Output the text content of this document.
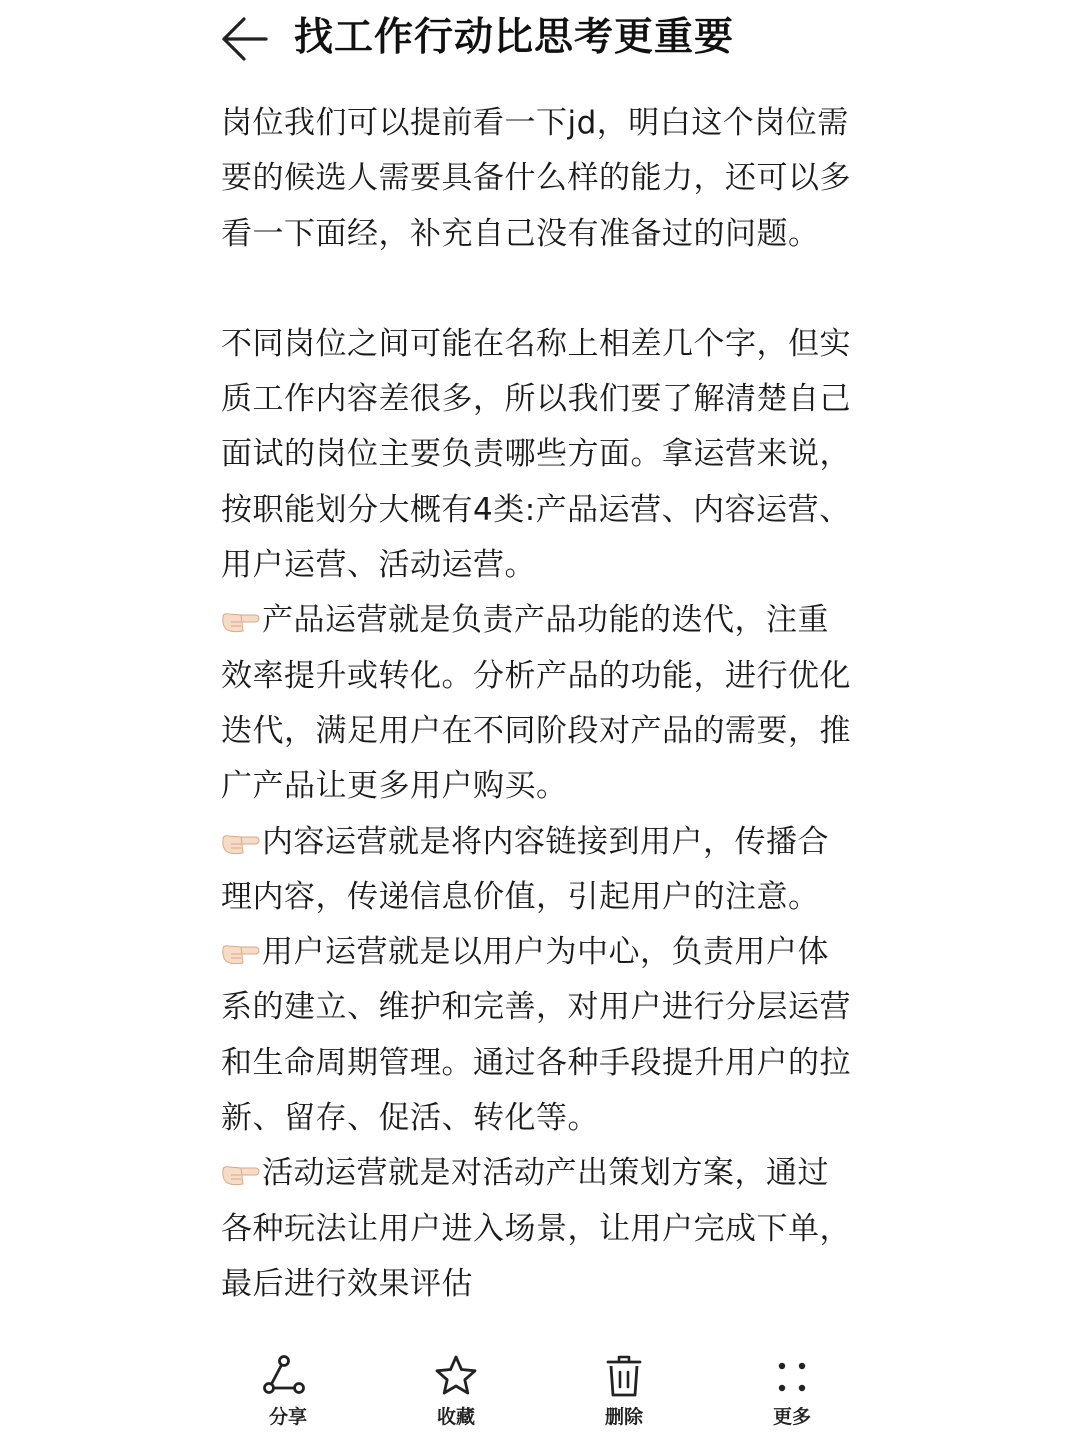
找工作行动比思考更重要

岗位我们可以提前看一下jd，明白这个岗位需要的候选人需要具备什么样的能力，还可以多看一下面经，补充自己没有准备过的问题。

不同岗位之间可能在名称上相差几个字，但实质工作内容差很多，所以我们要了解清楚自己面试的岗位主要负责哪些方面。拿运营来说，按职能划分大概有4类:产品运营、内容运营、用户运营、活动运营。

产品运营就是负责产品功能的迭代，注重效率提升或转化。分析产品的功能，进行优化迭代，满足用户在不同阶段对产品的需要，推广产品让更多用户购买。

内容运营就是将内容链接到用户，传播合理内容，传递信息价值，引起用户的注意。

用户运营就是以用户为中心，负责用户体系的建立、维护和完善，对用户进行分层运营和生命周期管理。通过各种手段提升用户的拉新、留存、促活、转化等。

活动运营就是对活动产出策划方案，通过各种玩法让用户进入场景，让用户完成下单，最后进行效果评估

分享	收藏	删除	更多
